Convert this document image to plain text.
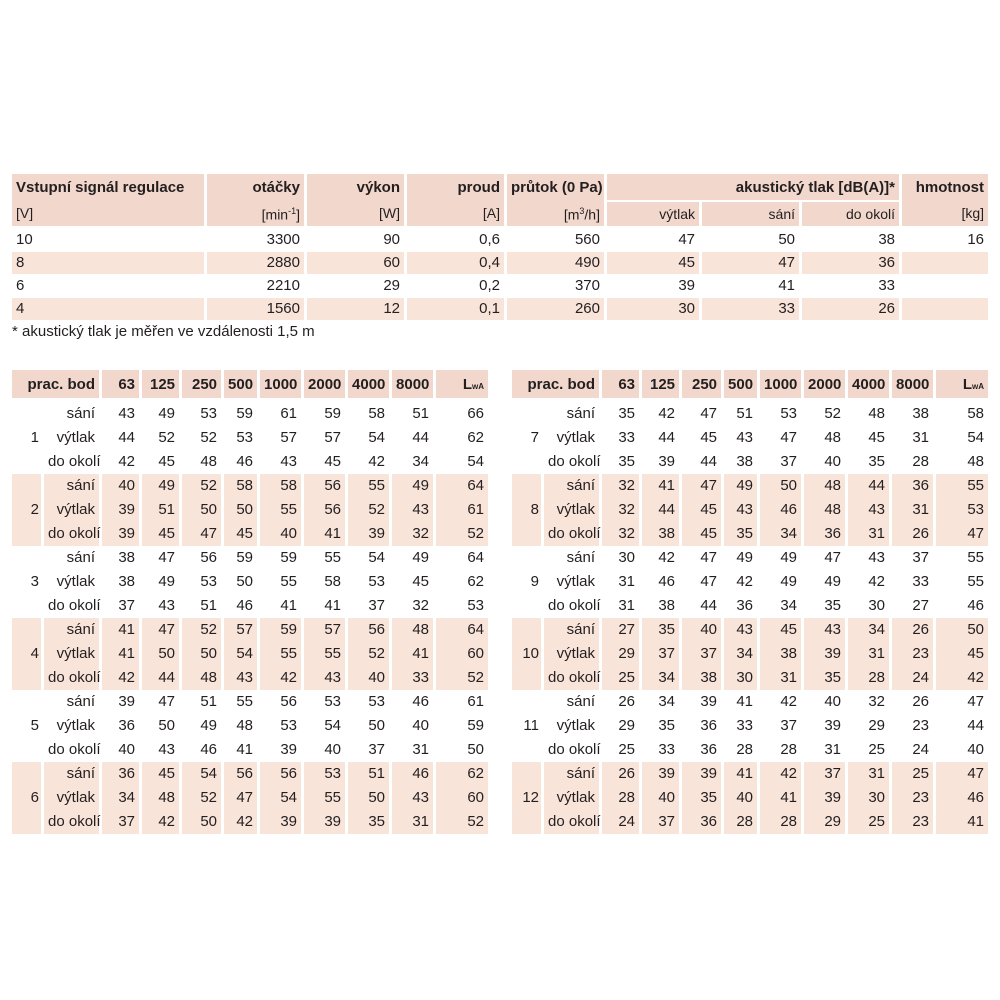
Vstupní signál regulace	otáčky	výkon	proud	průtok (0 Pa)	akustický tlak [dB(A)]*			hmotnost
[V]	$[\min^{-1}]$	[W]	[A]	$[m^3/h]$	výtlak	sání	do okolí	[kg]
10	3300	90	0,6	560	47	50	38	16
8	2880	60	0,4	490	45	47	36	
6	2210	29	0,2	370	39	41	33	
4	1560	12	0,1	260	30	33	26	
* akustický tlak je měřen ve vzdálenosti 1,5 m
prac. bod		63	125	250	500	1000	2000	4000	8000	LwA
	sání	43	49	53	59	61	59	58	51	66
1	výtlak	44	52	52	53	57	57	54	44	62
	do okolí	42	45	48	46	43	45	42	34	54
	sání	40	49	52	58	58	56	55	49	64
2	výtlak	39	51	50	50	55	56	52	43	61
	do okolí	39	45	47	45	40	41	39	32	52
	sání	38	47	56	59	59	55	54	49	64
3	výtlak	38	49	53	50	55	58	53	45	62
	do okolí	37	43	51	46	41	41	37	32	53
	sání	41	47	52	57	59	57	56	48	64
4	výtlak	41	50	50	54	55	55	52	41	60
	do okolí	42	44	48	43	42	43	40	33	52
	sání	39	47	51	55	56	53	53	46	61
5	výtlak	36	50	49	48	53	54	50	40	59
	do okolí	40	43	46	41	39	40	37	31	50
	sání	36	45	54	56	56	53	51	46	62
6	výtlak	34	48	52	47	54	55	50	43	60
	do okolí	37	42	50	42	39	39	35	31	52
prac. bod		63	125	250	500	1000	2000	4000	8000	LwA
	sání	35	42	47	51	53	52	48	38	58
7	výtlak	33	44	45	43	47	48	45	31	54
	do okolí	35	39	44	38	37	40	35	28	48
	sání	32	41	47	49	50	48	44	36	55
8	výtlak	32	44	45	43	46	48	43	31	53
	do okolí	32	38	45	35	34	36	31	26	47
	sání	30	42	47	49	49	47	43	37	55
9	výtlak	31	46	47	42	49	49	42	33	55
	do okolí	31	38	44	36	34	35	30	27	46
	sání	27	35	40	43	45	43	34	26	50
10	výtlak	29	37	37	34	38	39	31	23	45
	do okolí	25	34	38	30	31	35	28	24	42
	sání	26	34	39	41	42	40	32	26	47
11	výtlak	29	35	36	33	37	39	29	23	44
	do okolí	25	33	36	28	28	31	25	24	40
	sání	26	39	39	41	42	37	31	25	47
12	výtlak	28	40	35	40	41	39	30	23	46
	do okolí	24	37	36	28	28	29	25	23	41
